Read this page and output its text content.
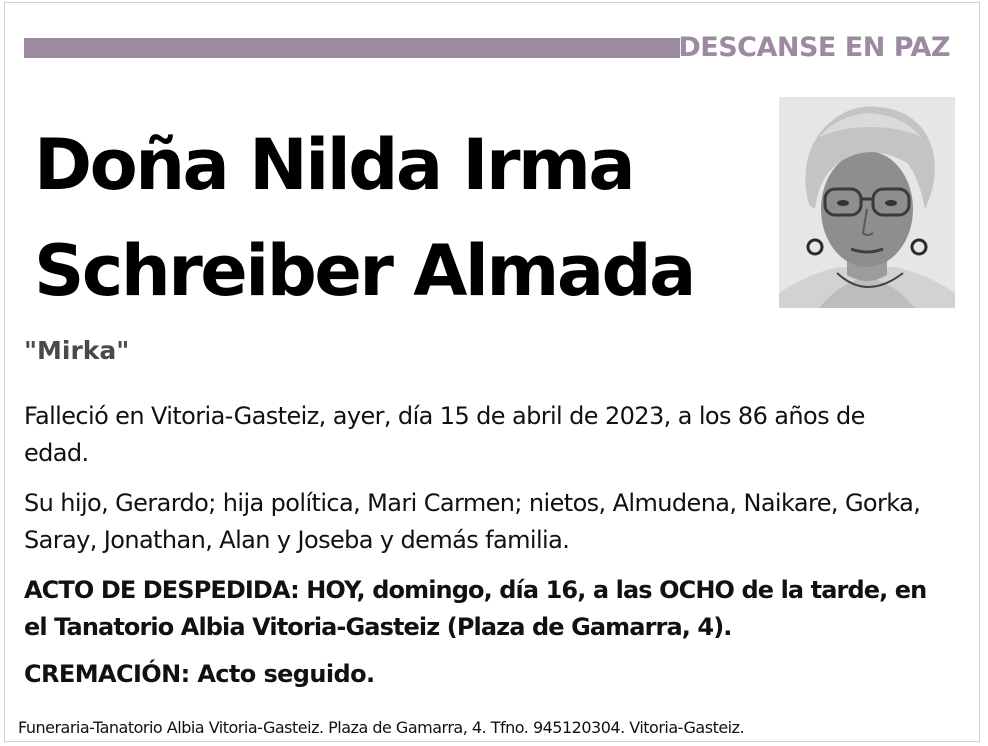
DESCANSE EN PAZ
Doña Nilda Irma
Schreiber Almada
"Mirka"

Falleció en Vitoria-Gasteiz, ayer, día 15 de abril de 2023, a los 86 años de edad.

Su hijo, Gerardo; hija política, Mari Carmen; nietos, Almudena, Naikare, Gorka, Saray, Jonathan, Alan y Joseba y demás familia.

ACTO DE DESPEDIDA: HOY, domingo, día 16, a las OCHO de la tarde, en el Tanatorio Albia Vitoria-Gasteiz (Plaza de Gamarra, 4).

CREMACIÓN: Acto seguido.

Funeraria-Tanatorio Albia Vitoria-Gasteiz. Plaza de Gamarra, 4. Tfno. 945120304. Vitoria-Gasteiz.
